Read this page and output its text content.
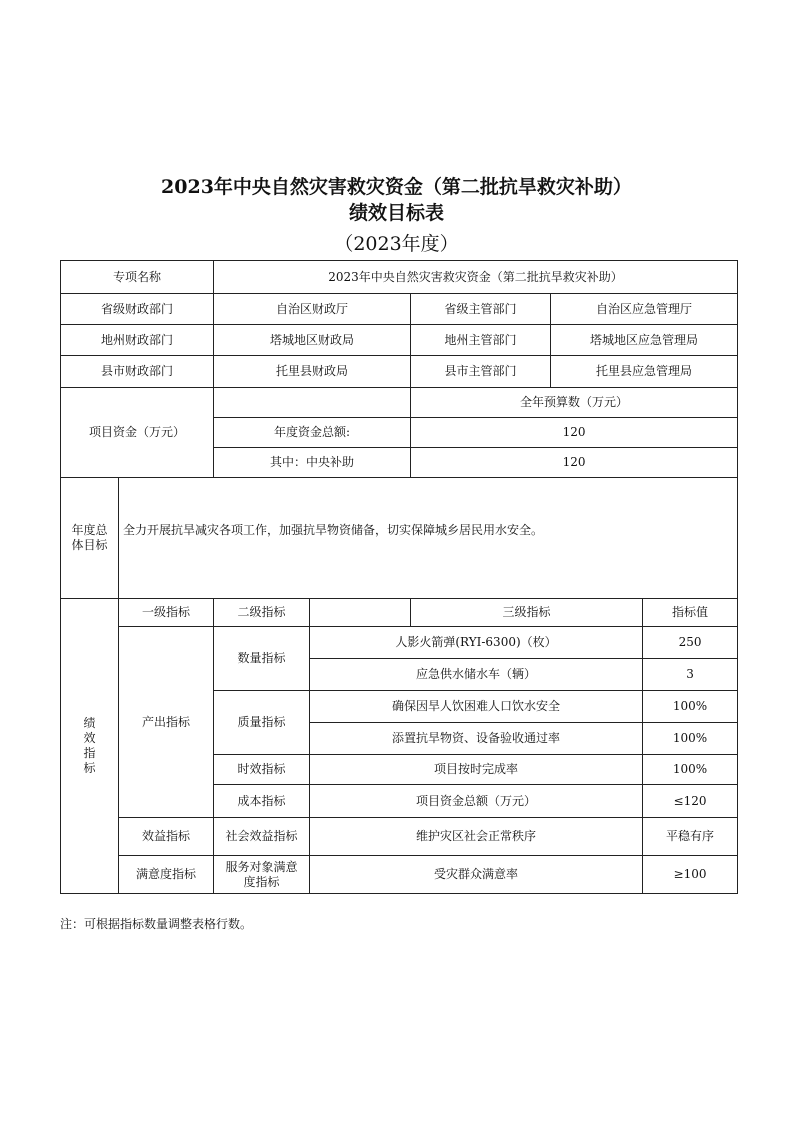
2023年中央自然灾害救灾资金（第二批抗旱救灾补助）
绩效目标表
（2023年度）
专项名称		2023年中央自然灾害救灾资金（第二批抗旱救灾补助）				
省级财政部门		自治区财政厅		省级主管部门	自治区应急管理厅	
地州财政部门		塔城地区财政局		地州主管部门	塔城地区应急管理局	
县市财政部门		托里县财政局		县市主管部门	托里县应急管理局	
项目资金（万元）				全年预算数（万元）		
		年度资金总额:		120		
		其中：中央补助		120		
年度总体目标	全力开展抗旱减灾各项工作，加强抗旱物资储备，切实保障城乡居民用水安全。					
绩效指标	一级指标	二级指标		三级指标		指标值
	产出指标	数量指标	人影火箭弹(RYI-6300)（枚）			250
			应急供水储水车（辆）			3
		质量指标	确保因旱人饮困难人口饮水安全			100%
			添置抗旱物资、设备验收通过率			100%
		时效指标	项目按时完成率			100%
		成本指标	项目资金总额（万元）			≤120
	效益指标	社会效益指标	维护灾区社会正常秩序			平稳有序
	满意度指标	服务对象满意度指标	受灾群众满意率			≥100
注：可根据指标数量调整表格行数。
